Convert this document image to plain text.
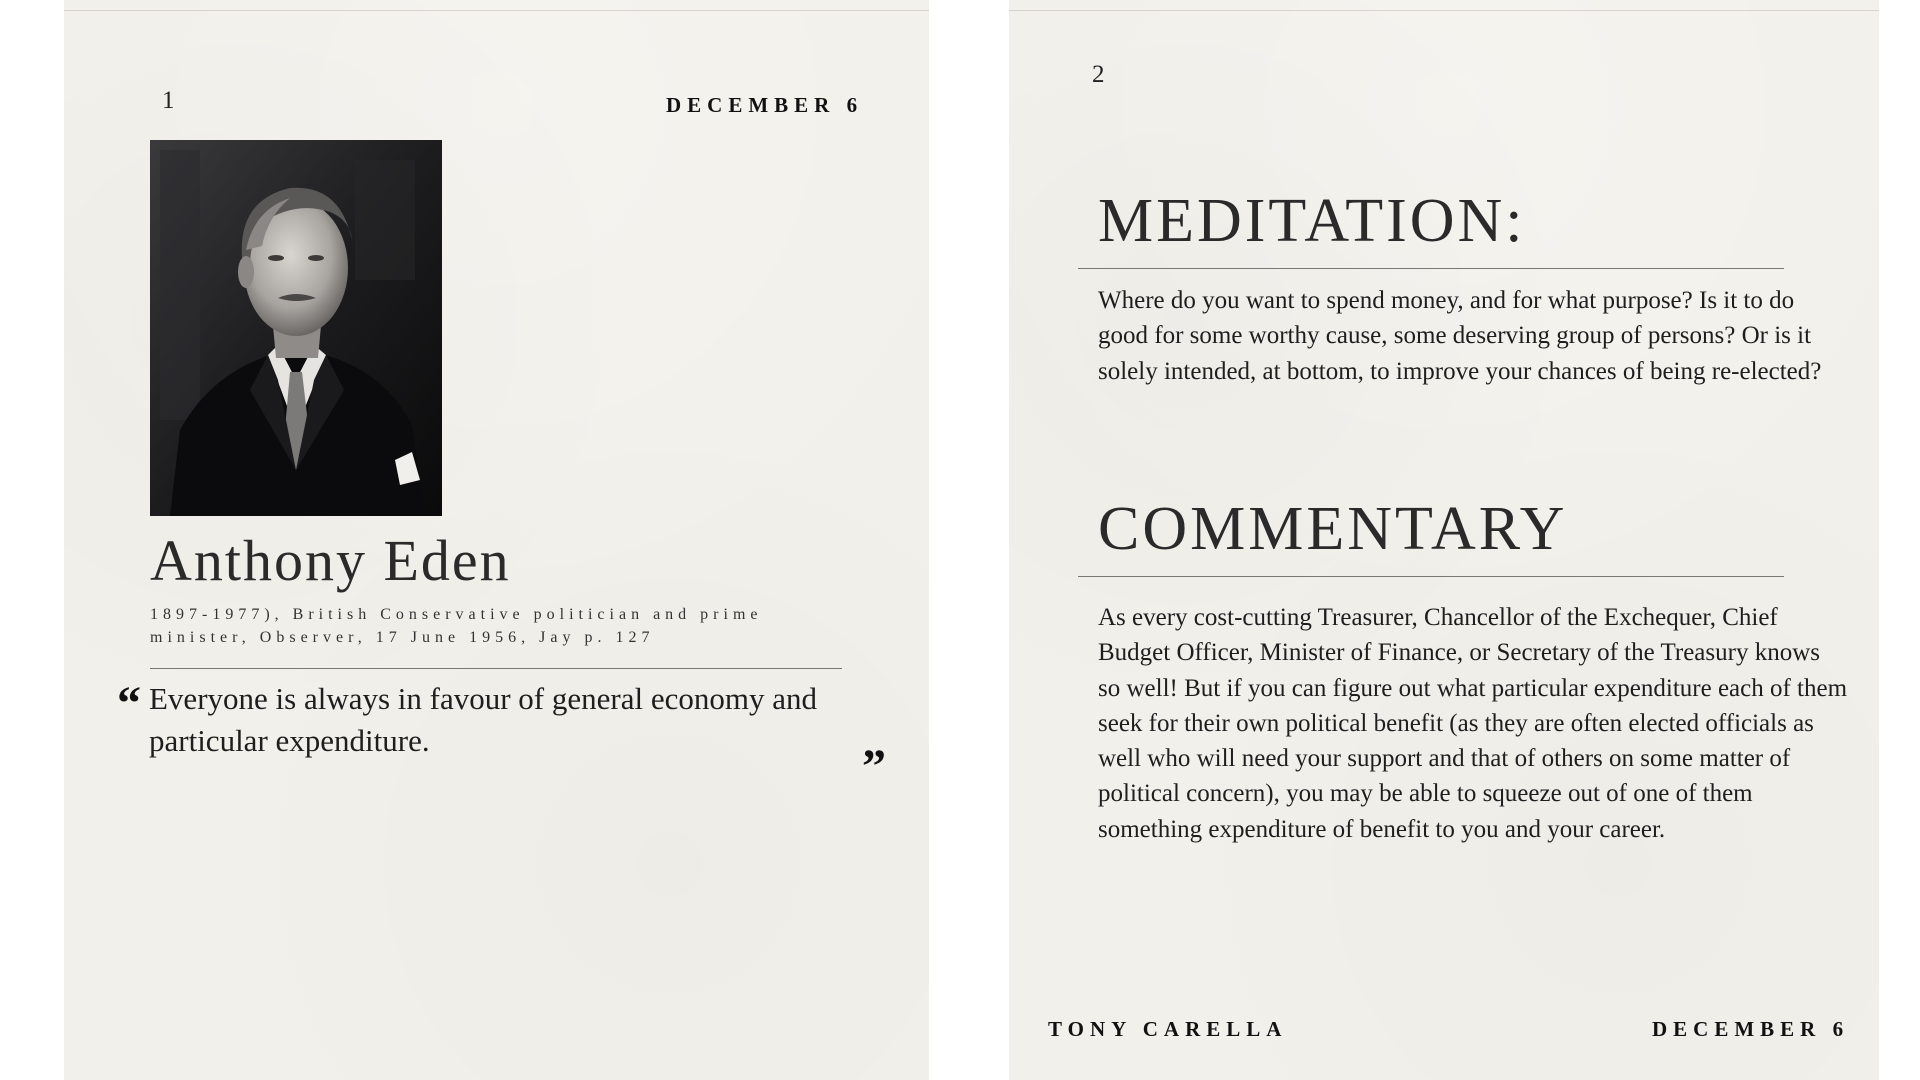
1	DECEMBER 6
Anthony Eden
1897-1977), British Conservative politician and prime minister, Observer, 17 June 1956, Jay p. 127
“ Everyone is always in favour of general economy and particular expenditure.	”
2
MEDITATION:
Where do you want to spend money, and for what purpose? Is it to do good for some worthy cause, some deserving group of persons? Or is it solely intended, at bottom, to improve your chances of being re-elected?
COMMENTARY
As every cost-cutting Treasurer, Chancellor of the Exchequer, Chief Budget Officer, Minister of Finance, or Secretary of the Treasury knows so well! But if you can figure out what particular expenditure each of them seek for their own political benefit (as they are often elected officials as well who will need your support and that of others on some matter of political concern), you may be able to squeeze out of one of them something expenditure of benefit to you and your career.
TONY CARELLA	DECEMBER 6
